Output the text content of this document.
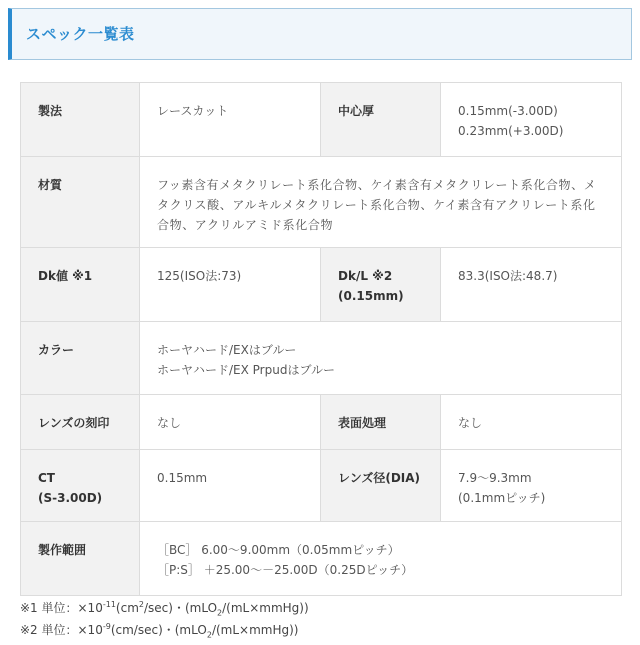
スペック一覧表
製法	レースカット	中心厚	0.15mm(-3.00D)
0.23mm(+3.00D)

材質	フッ素含有メタクリレート系化合物、ケイ素含有メタクリレート系化合物、メタクリス酸、アルキルメタクリレート系化合物、ケイ素含有アクリレート系化合物、アクリルアミド系化合物		

Dk値 ※1	125(ISO法:73)	Dk/L ※2
(0.15mm)	83.3(ISO法:48.7)

カラー	ホーヤハード/EXはブルー
ホーヤハード/EX Prpudはブルー		

レンズの刻印	なし	表面処理	なし

CT
(S-3.00D)	0.15mm	レンズ径(DIA)	7.9～9.3mm
(0.1mmピッチ)

製作範囲	［BC］ 6.00～9.00mm（0.05mmピッチ）
［P:S］ ＋25.00～－25.00D（0.25Dピッチ）		
※1 単位：$\times 10^{-11}(cm^2/\sec)$・(mLO$_2$/(mL×mmHg))
※2 単位：$\times 10^{-9}(cm/\sec)$・(mLO$_2$/(mL×mmHg))
